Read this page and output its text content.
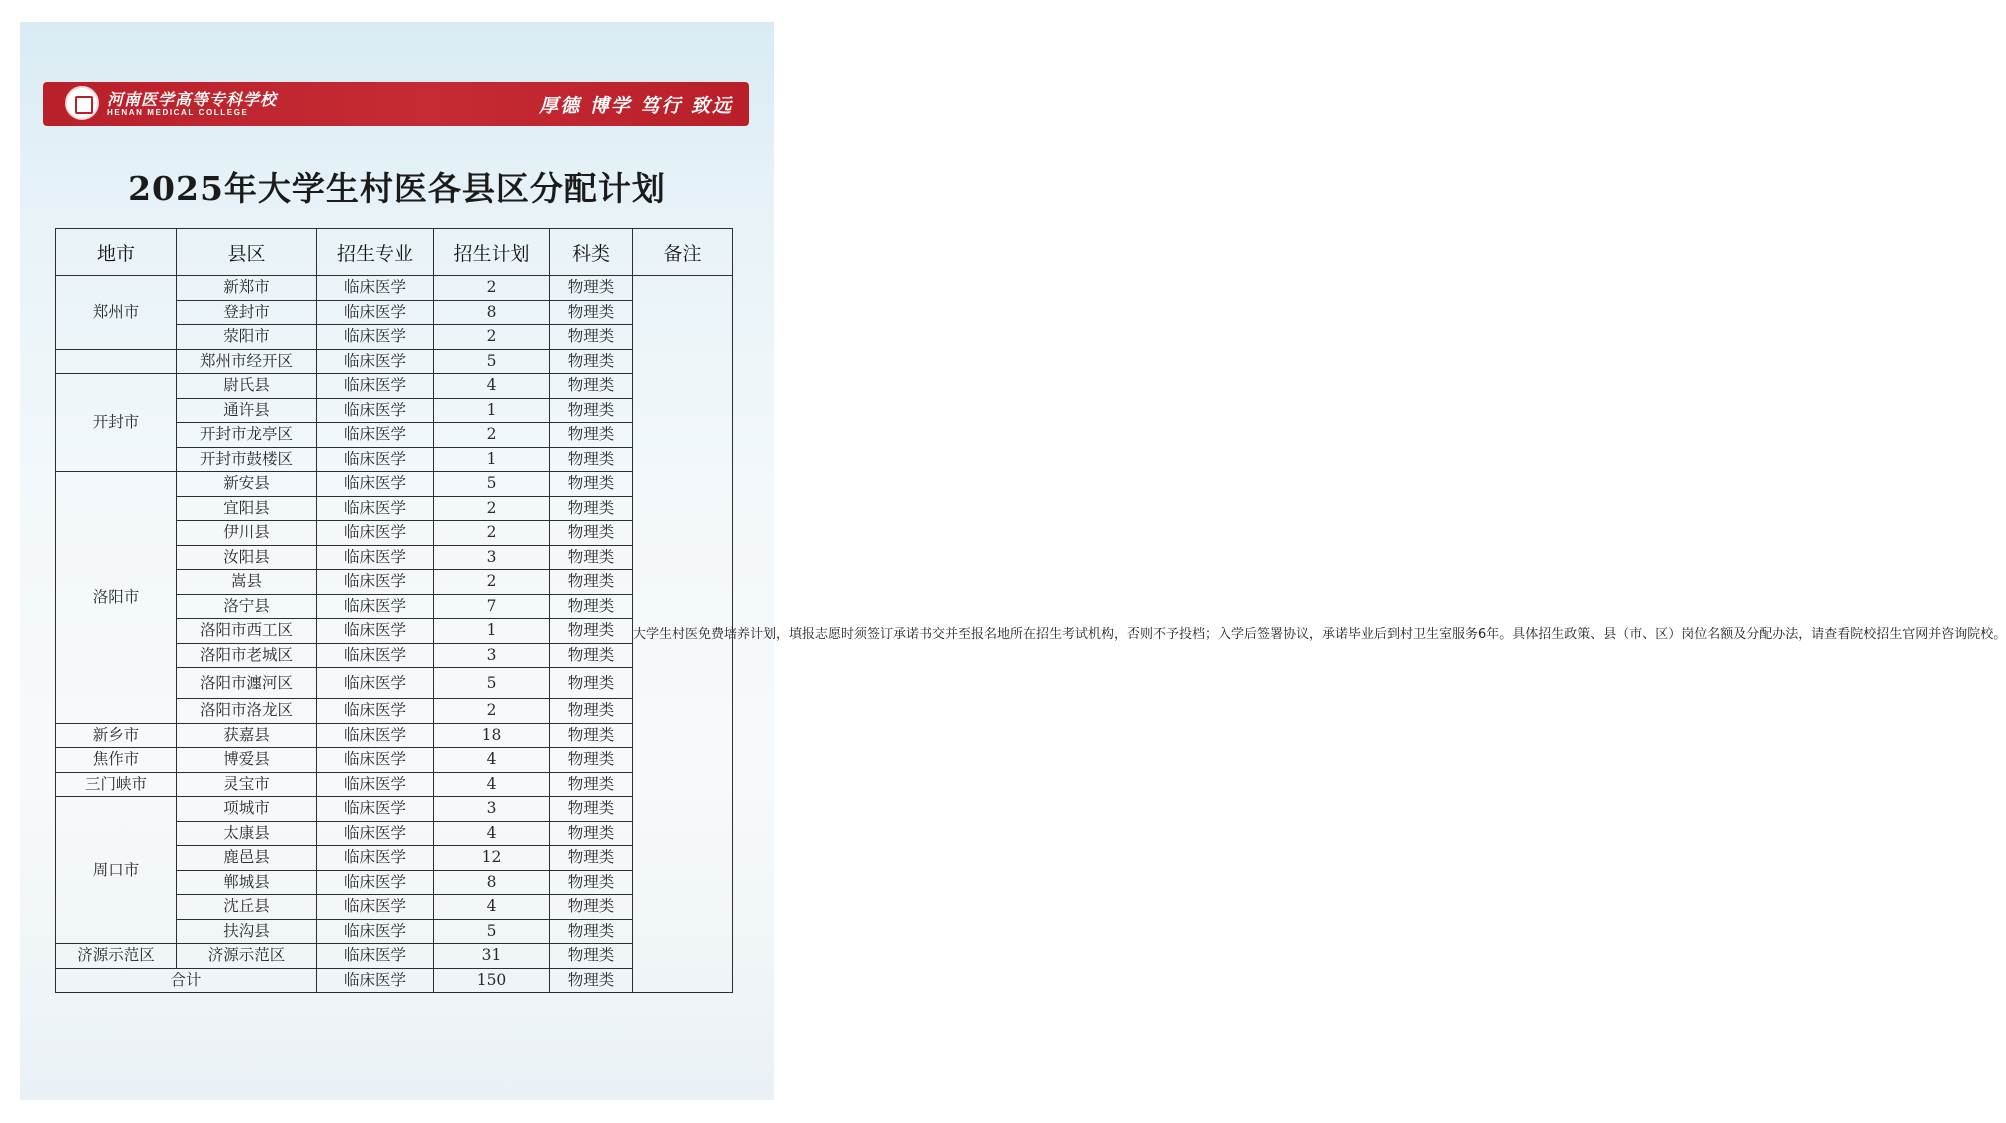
河南医学高等专科学校
HENAN MEDICAL COLLEGE	厚德 博学 笃行 致远
2025年大学生村医各县区分配计划
地市	县区	招生专业	招生计划	科类	备注
郑州市	新郑市	临床医学	2	物理类	大学生村医免费培养计划，填报志愿时须签订承诺书交并至报名地所在招生考试机构，否则不予投档；入学后签署协议，承诺毕业后到村卫生室服务6年。具体招生政策、县（市、区）岗位名额及分配办法，请查看院校招生官网并咨询院校。
	登封市	临床医学	8	物理类	
	荥阳市	临床医学	2	物理类	
	郑州市经开区	临床医学	5	物理类	
开封市	尉氏县	临床医学	4	物理类	
	通许县	临床医学	1	物理类	
	开封市龙亭区	临床医学	2	物理类	
	开封市鼓楼区	临床医学	1	物理类	
洛阳市	新安县	临床医学	5	物理类	
	宜阳县	临床医学	2	物理类	
	伊川县	临床医学	2	物理类	
	汝阳县	临床医学	3	物理类	
	嵩县	临床医学	2	物理类	
	洛宁县	临床医学	7	物理类	
	洛阳市西工区	临床医学	1	物理类	
	洛阳市老城区	临床医学	3	物理类	
	洛阳市瀍河区	临床医学	5	物理类	
	洛阳市洛龙区	临床医学	2	物理类	
新乡市	获嘉县	临床医学	18	物理类	
焦作市	博爱县	临床医学	4	物理类	
三门峡市	灵宝市	临床医学	4	物理类	
周口市	项城市	临床医学	3	物理类	
	太康县	临床医学	4	物理类	
	鹿邑县	临床医学	12	物理类	
	郸城县	临床医学	8	物理类	
	沈丘县	临床医学	4	物理类	
	扶沟县	临床医学	5	物理类	
济源示范区	济源示范区	临床医学	31	物理类	
合计		临床医学	150	物理类	
